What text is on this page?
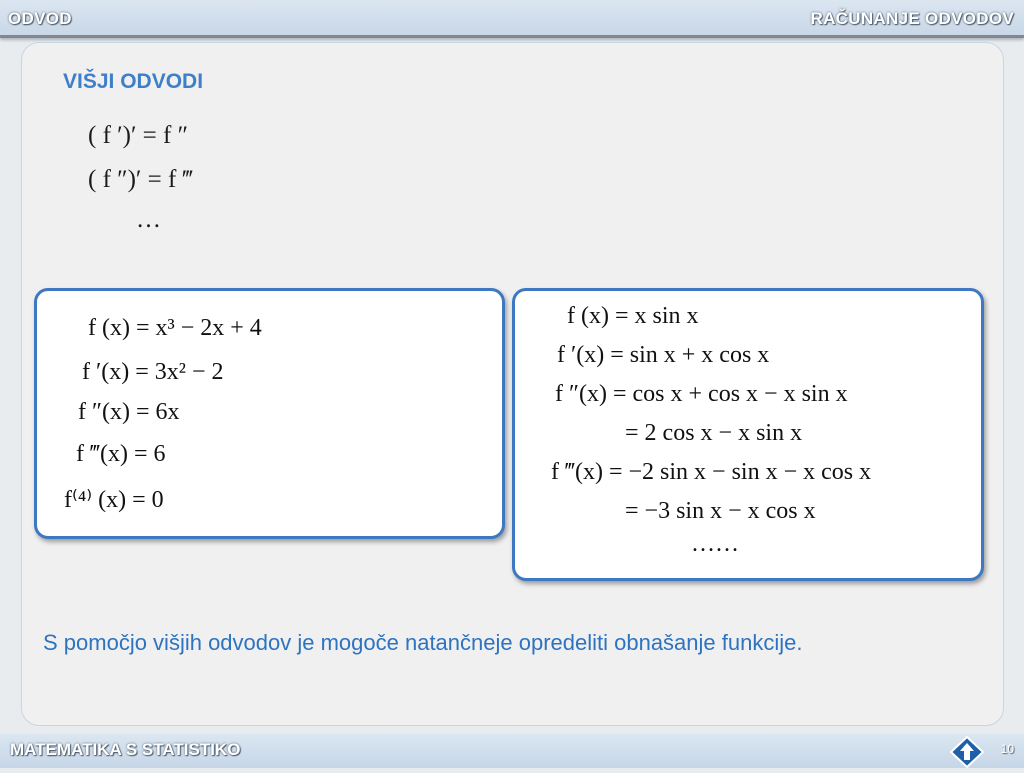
ODVOD	RAČUNANJE ODVODOV
VIŠJI ODVODI
( f ′)′ = f ″
( f ″)′ = f ‴
…
f (x) = x³ − 2x + 4
f ′(x) = 3x² − 2
f ″(x) = 6x
f ‴(x) = 6
f⁽⁴⁾ (x) = 0
f (x) = x sin x
f ′(x) = sin x + x cos x
f ″(x) = cos x + cos x − x sin x
= 2 cos x − x sin x
f ‴(x) = −2 sin x − sin x − x cos x
= −3 sin x − x cos x
……
S pomočjo višjih odvodov je mogoče natančneje opredeliti obnašanje funkcije.
MATEMATIKA S STATISTIKO	10
